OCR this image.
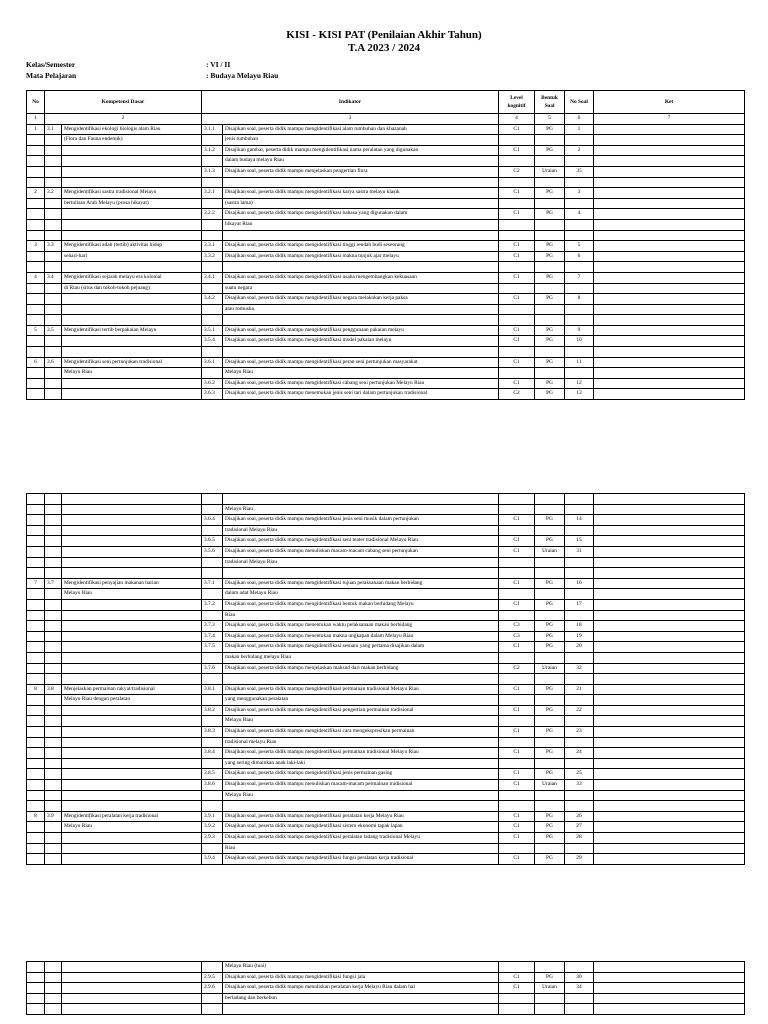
KISI - KISI PAT (Penilaian Akhir Tahun)
T.A 2023 / 2024
Kelas/Semester	: VI / II
Mata Pelajaran	: Budaya Melayu Riau
No	Kompetensi Dasar		Indikator		Level kognitif	Bentuk Soal	No Soal	Ket
1	2		3		4	5	6	7
1	3.1	Mengidentifikasi ekologi biologis alam Riau	3.1.1	Disajikan soal, peserta didik mampu mengidentifikasi alam tumbuhan dan khazanah	C1	PG	1	
		(Flora dan Fauna endemik)		jenis tumbuhan				
			3.1.2	Disajikan gambar, peserta didik mampu mengidentifikasi nama peralatan yang digunakan	C1	PG	2	
				dalam budaya melayu Riau				
			3.1.3	Disajikan soal, peserta didik mampu menjelaskan pengertian flora	C2	Uraian	35	

2	3.2	Mengidentifikasi sastra tradisional Melayu	3.2.1	Disajikan soal, peserta didik mampu mengidentifikasi karya sastra melayu klasik	C1	PG	3	
		bertulisan Arab Melayu (prosa hikayat)		(sastra lama)				
			3.2.2	Disajikan soal, peserta didik mampu mengidentifikasi bahasa yang digunakan dalam	C1	PG	4	
				hikayat Riau				

3	3.3	Mengidentifikasi adab (tertib) aktivitas hidup	3.3.1	Disajikan soal, peserta didik mampu mengidentifikasi tinggi rendah budi seseorang	C1	PG	5	
		sehari-hari	3.3.2	Disajikan soal, peserta didik mampu mengidentifikasi makna tunjuk ajar melayu	C1	PG	6	

4	3.4	Mengidentifikasi sejarah melayu era kolonial	3.4.1	Disajikan soal, peserta didik mampu mengidentifikasi usaha mengembangkan kekuasaan	C1	PG	7	
		di Riau (situs dan tokoh-tokoh pejuang)		suatu negara				
			3.4.2	Disajikan soal, peserta didik mampu mengidentifikasi negara melakukan kerja paksa	C1	PG	8	
				atau romusha.				

5	3.5	Mengidentifikasi tertib berpakaian Melayu	3.5.1	Disajikan soal, peserta didik mampu mengidentifikasi penggunaan pakaian melayu	C1	PG	9	
			3.5.4	Disajikan soal, peserta didik mampu mengidentifikasi model pakaian melayu	C1	PG	10	

6	3.6	Mengidentifikasi seni pertunjukan tradisional	3.6.1	Disajikan soal, peserta didik mampu mengidentifikasi peran seni pertunjukan masyarakat	C1	PG	11	
		Melayu Riau		Melayu Riau				
			3.6.2	Disajikan soal, peserta didik mampu mengidentifikasi cabang seni pertunjukan Melayu Riau	C1	PG	12	
			3.6.3	Disajikan soal, peserta didik mampu menemukan jenis seni tari dalam pertunjukan tradisional	C2	PG	13	

				Melayu Riau				
			3.6.4	Disajikan soal, peserta didik mampu mengidentifikasi jenis seni musik dalam pertunjukan	C1	PG	14	
				tradisional Melayu Riau				
			3.6.5	Disajikan soal, peserta didik mampu mengidentifikasi seni teater tradisional Melayu Riau	C1	PG	15	
			3.5.6	Disajikan soal, peserta didik mampu menuliskan macam-macam cabang seni pertunjukan	C1	Uraian	31	
				tradisional Melayu Riau				

7	3.7	Mengidentifikasi penyajian makanan harian	3.7.1	Disajikan soal, peserta didik mampu mengidentifikasi tujuan pelaksanaan makan berhidang	C1	PG	16	
		Melayu Riau		dalam adat Melayu Riau				
			3.7.2	Disajikan soal, peserta didik mampu mengidentifikasi bentuk makan berhidang Melayu	C1	PG	17	
				Riau				
			3.7.3	Disajikan soal, peserta didik mampu menentukan waktu pelaksanaan makan berhidang	C3	PG	18	
			3.7.4	Disajikan soal, peserta didik mampu menentukan makna ungkapan dalam Melayu Riau	C3	PG	19	
			3.7.5	Disajikan soal, peserta didik mampu mengidentifikasi sesuatu yang pertama disajikan dalam	C1	PG	20	
				makan berhidang melayu Riau				
			3.7.6	Disajikan soal, peserta didik mampu menjelaskan maksud dari makan berhidang	C2	Uraian	32	

8	3.8	Menjelaskan permainan rakyat/tradisional	3.8.1	Disajikan soal, peserta didik mampu mengidentifikasi permainan tradisional Melayu Riau	C1	PG	21	
		Melayu Riau dengan peralatan		yang menggunakan peralatan				
			3.8.2	Disajikan soal, peserta didik mampu mengidentifikasi pengertian permainan tradisional	C1	PG	22	
				Melayu Riau				
			3.8.3	Disajikan soal, peserta didik mampu mengidentifikasi cara mengekspresikan permainan	C1	PG	23	
				tradisional melayu Riau				
			3.8.4	Disajikan soal, peserta didik mampu mengidentifikasi permainan tradisional Melayu Riau	C1	PG	24	
				yang sering dimainkan anak laki-laki				
			3.8.5	Disajikan soal, peserta didik mampu mengidentifikasi jenis permainan gasing	C1	PG	25	
			3.8.6	Disajikan soal, peserta didik mampu menuliskan macam-macam permainan tradisional	C1	Uraian	33	
				Melayu Riau				

8	3.9	Mengidentifikasi peralatan kerja tradisional	3.9.1	Disajikan soal, peserta didik mampu mengidentifikasi peralatan kerja Melayu Riau	C1	PG	26	
		Melayu Riau	3.9.2	Disajikan soal, peserta didik mampu mengidentifikasi sistem ekonomi tapak lapan	C1	PG	27	
			3.9.3	Disajikan soal, peserta didik mampu mengidentifikasi peralatan ladang tradisional Melayu	C1	PG	28	
				Riau				
			3.9.4	Disajikan soal, peserta didik mampu mengidentifikasi fungsi peralatan kerja tradisional	C1	PG	29	
				Melayu Riau (tuai)				
			2.9.5	Disajikan soal, peserta didik mampu mengidentifikasi fungsi jala	C1	PG	30	
			2.9.6	Disajikan soal, peserta didik mampu menuliskan peralatan kerja Melayu Riau dalam hal	C1	Uraian	34	
				berladang dan berkebun				
